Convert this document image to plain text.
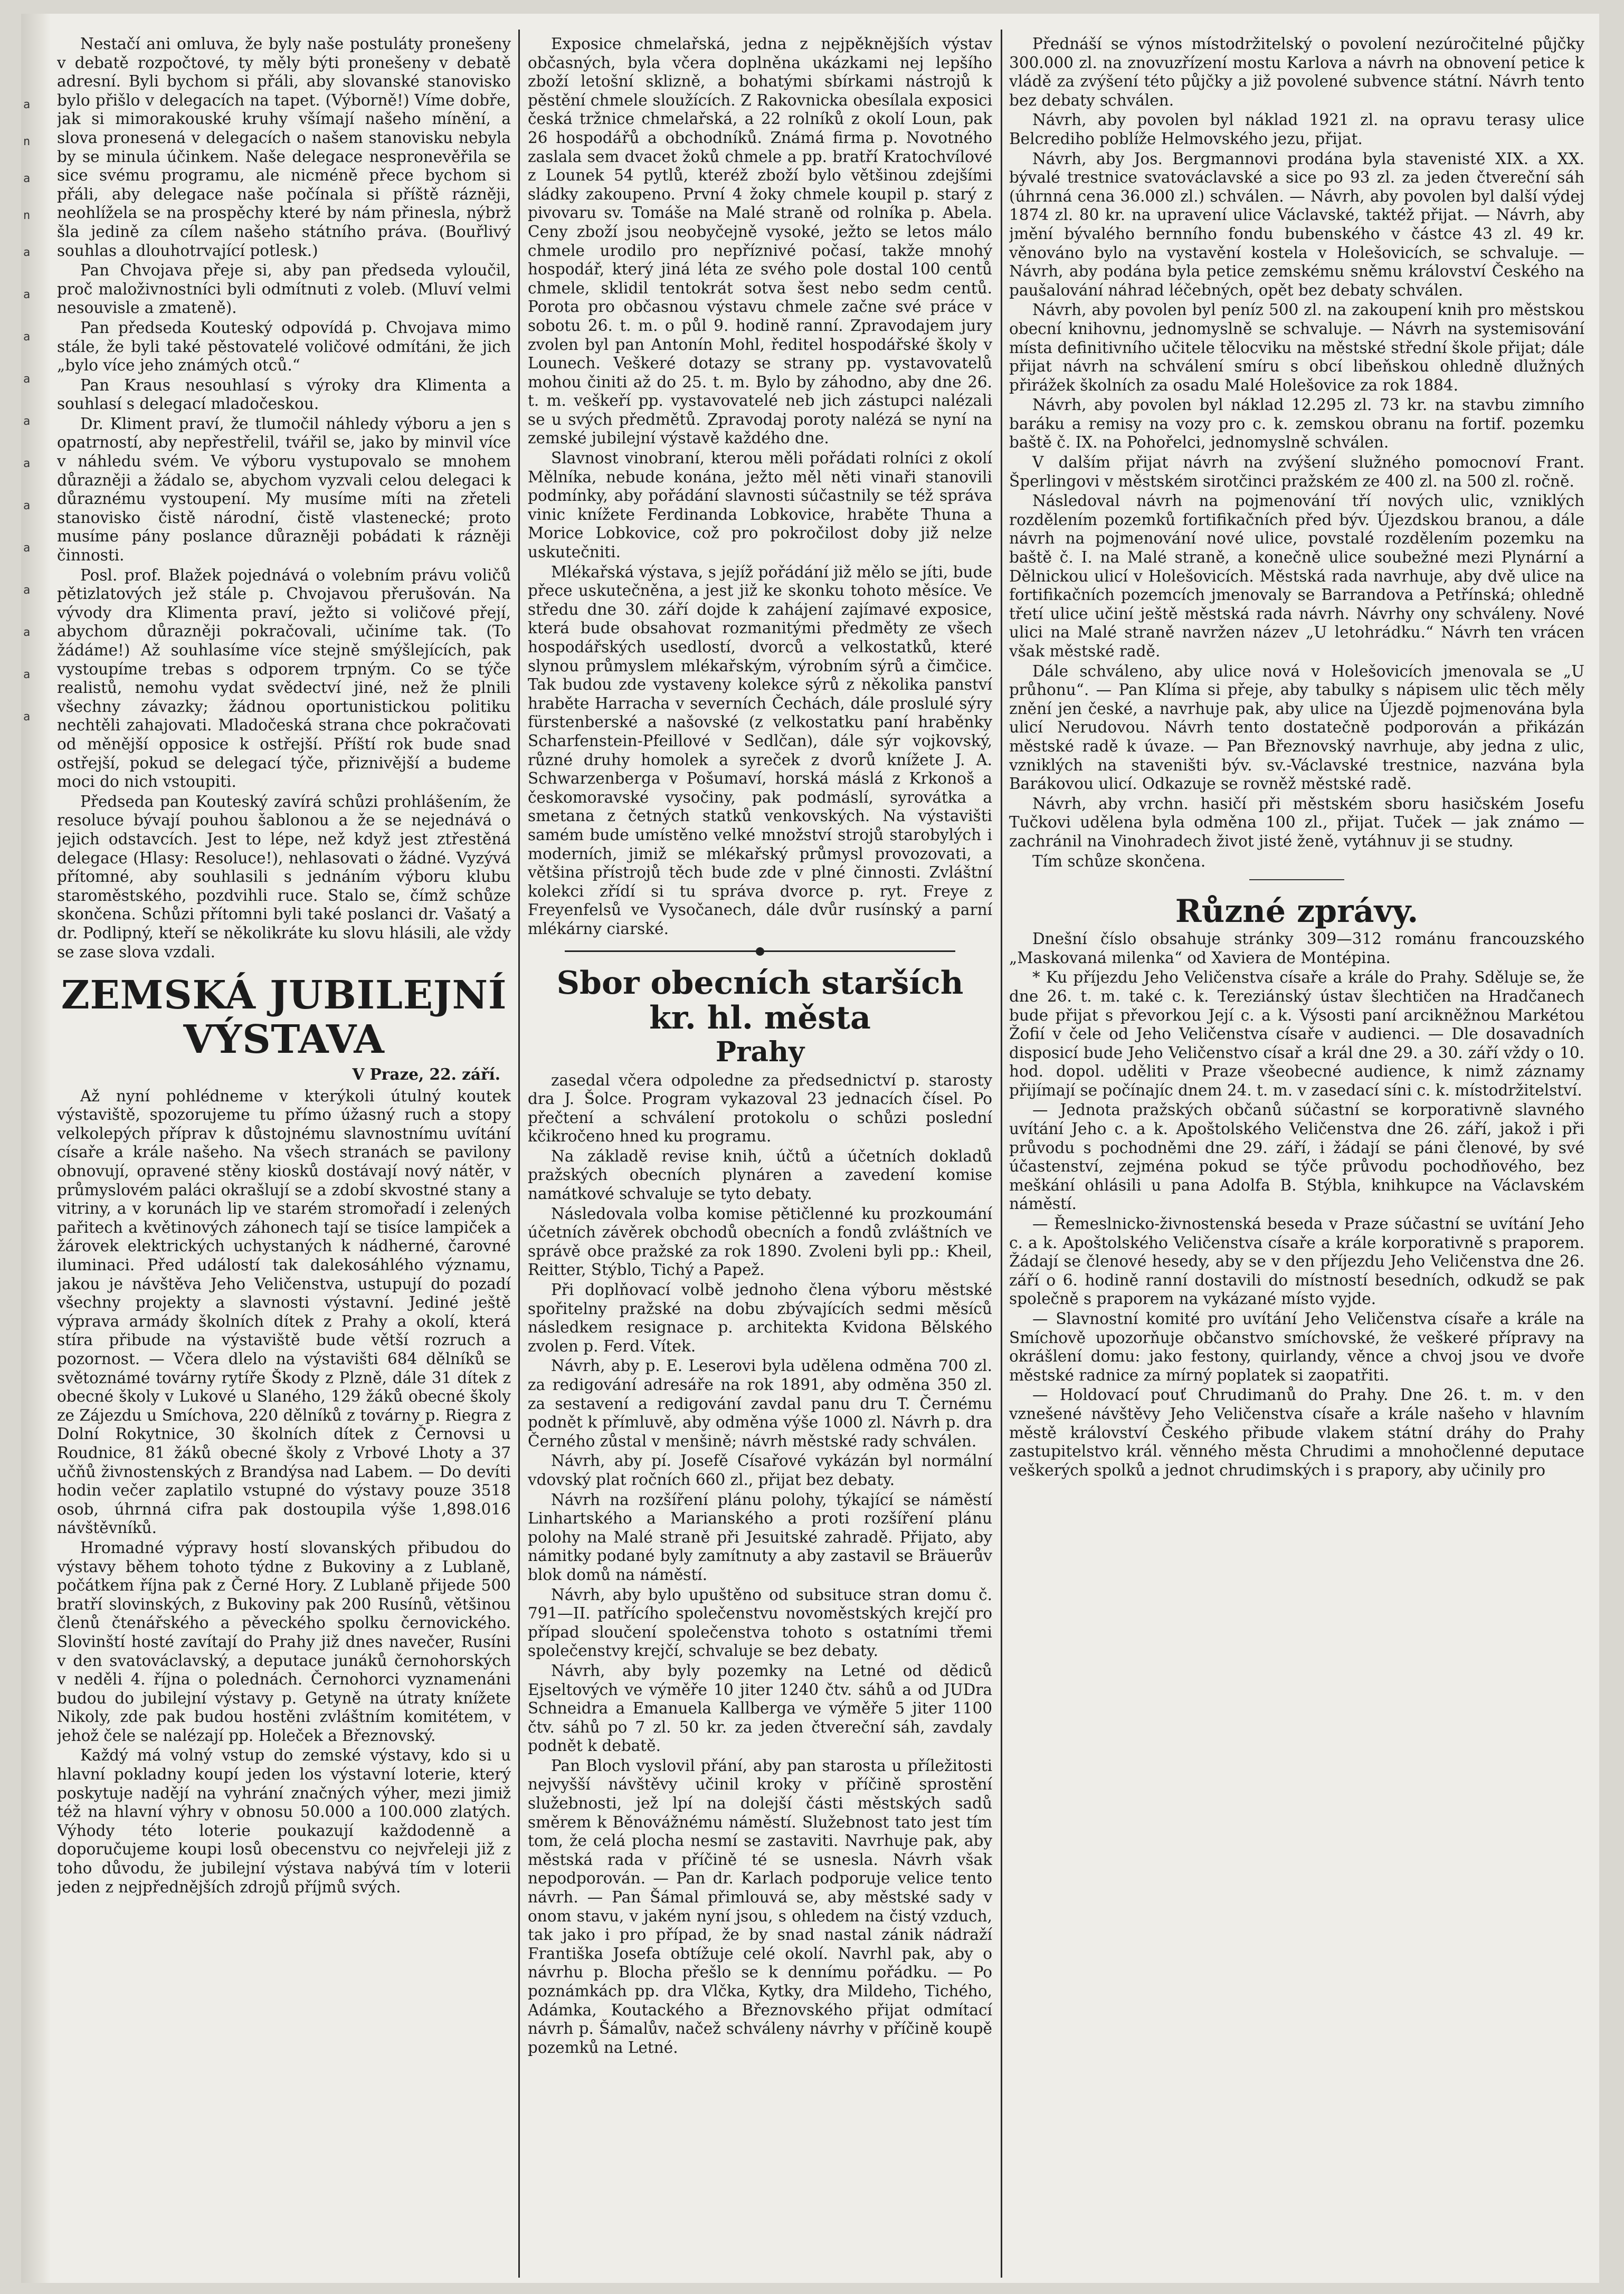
a
n
a
n
a
a
a
a
a
a
a
a
a
a
a
a

Nestačí ani omluva, že byly naše postuláty pronešeny v debatě rozpočtové, ty měly býti pronešeny v debatě adresní. Byli bychom si přáli, aby slovanské stanovisko bylo přišlo v delegacích na tapet. (Výborně!) Víme dobře, jak si mimorakouské kruhy všímají našeho mínění, a slova pronesená v delegacích o našem stanovisku nebyla by se minula účinkem. Naše delegace nespronevěřila se sice svému programu, ale nicméně přece bychom si přáli, aby delegace naše počínala si příště rázněji, neohlížela se na prospěchy které by nám přinesla, nýbrž šla jedině za cílem našeho státního práva. (Bouřlivý souhlas a dlouhotrvající potlesk.)

Pan Chvojava přeje si, aby pan předseda vyloučil, proč maloživnostníci byli odmítnuti z voleb. (Mluví velmi nesouvisle a zmateně).

Pan předseda Kouteský odpovídá p. Chvojava mimo stále, že byli také pěstovatelé voličové odmítáni, že jich „bylo více jeho známých otců.“

Pan Kraus nesouhlasí s výroky dra Klimenta a souhlasí s delegací mladočeskou.

Dr. Kliment praví, že tlumočil náhledy výboru a jen s opatrností, aby nepřestřelil, tvářil se, jako by minvil více v náhledu svém. Ve výboru vystupovalo se mnohem důrazněji a žádalo se, abychom vyzvali celou delegaci k důraznému vystoupení. My musíme míti na zřeteli stanovisko čistě národní, čistě vlastenecké; proto musíme pány poslance důrazněji pobádati k rázněji činnosti.

Posl. prof. Blažek pojednává o volebním právu voličů pětizlatových jež stále p. Chvojavou přerušován. Na vývody dra Klimenta praví, ježto si voličové přejí, abychom důrazněji pokračovali, učiníme tak. (To žádáme!) Až souhlasíme více stejně smýšlejících, pak vystoupíme trebas s odporem trpným. Co se týče realistů, nemohu vydat svědectví jiné, než že plnili všechny závazky; žádnou oportunistickou politiku nechtěli zahajovati. Mladočeská strana chce pokračovati od měnější opposice k ostřejší. Příští rok bude snad ostřejší, pokud se delegací týče, přiznivější a budeme moci do nich vstoupiti.

Předseda pan Kouteský zavírá schůzi prohlášením, že resoluce bývají pouhou šablonou a že se nejednává o jejich odstavcích. Jest to lépe, než když jest ztřestěná delegace (Hlasy: Resoluce!), nehlasovati o žádné. Vyzývá přítomné, aby souhlasili s jednáním výboru klubu staroměstského, pozdvihli ruce. Stalo se, čímž schůze skončena. Schůzi přítomni byli také poslanci dr. Vašatý a dr. Podlipný, kteří se několikráte ku slovu hlásili, ale vždy se zase slova vzdali.

ZEMSKÁ JUBILEJNÍ VÝSTAVA
V Praze, 22. září.

Až nyní pohlédneme v kterýkoli útulný koutek výstaviště, spozorujeme tu přímo úžasný ruch a stopy velkolepých příprav k důstojnému slavnostnímu uvítání císaře a krále našeho. Na všech stranách se pavilony obnovují, opravené stěny kiosků dostávají nový nátěr, v průmyslovém paláci okrašlují se a zdobí skvostné stany a vitriny, a v korunách lip ve starém stromořadí i zelených pařitech a květinových záhonech tají se tisíce lampiček a žárovek elektrických uchystaných k nádherné, čarovné iluminaci. Před událostí tak dalekosáhlého významu, jakou je návštěva Jeho Veličenstva, ustupují do pozadí všechny projekty a slavnosti výstavní. Jediné ještě výprava armády školních dítek z Prahy a okolí, která stíra přibude na výstaviště bude větší rozruch a pozornost. — Včera dlelo na výstavišti 684 dělníků se světoznámé továrny rytíře Škody z Plzně, dále 31 dítek z obecné školy v Lukové u Slaného, 129 žáků obecné školy ze Zájezdu u Smíchova, 220 dělníků z továrny p. Riegra z Dolní Rokytnice, 30 školních dítek z Černovsi u Roudnice, 81 žáků obecné školy z Vrbové Lhoty a 37 učňů živnostenských z Brandýsa nad Labem. — Do devíti hodin večer zaplatilo vstupné do výstavy pouze 3518 osob, úhrnná cifra pak dostoupila výše 1,898.016 návštěvníků.

Hromadné výpravy hostí slovanských přibudou do výstavy během tohoto týdne z Bukoviny a z Lublaně, počátkem října pak z Černé Hory. Z Lublaně přijede 500 bratří slovinských, z Bukoviny pak 200 Rusínů, většinou členů čtenářského a pěveckého spolku černovického. Slovinští hosté zavítají do Prahy již dnes navečer, Rusíni v den svatováclavský, a deputace junáků černohorských v neděli 4. října o polednách. Černohorci vyznamenáni budou do jubilejní výstavy p. Getyně na útraty knížete Nikoly, zde pak budou hostěni zvláštním komitétem, v jehož čele se nalézají pp. Holeček a Březnovský.

Každý má volný vstup do zemské výstavy, kdo si u hlavní pokladny koupí jeden los výstavní loterie, který poskytuje nadějí na vyhrání značných výher, mezi jimiž též na hlavní výhry v obnosu 50.000 a 100.000 zlatých. Výhody této loterie poukazují každodenně a doporučujeme koupi losů obecenstvu co nejvřeleji již z toho důvodu, že jubilejní výstava nabývá tím v loterii jeden z nejpřednějších zdrojů příjmů svých.

Exposice chmelařská, jedna z nejpěknějších výstav občasných, byla včera doplněna ukázkami nej lepšího zboží letošní sklizně, a bohatými sbírkami nástrojů k pěstění chmele sloužících. Z Rakovnicka obesílala exposici česká tržnice chmelařská, a 22 rolníků z okolí Loun, pak 26 hospodářů a obchodníků. Známá firma p. Novotného zaslala sem dvacet žoků chmele a pp. bratří Kratochvílové z Lounek 54 pytlů, kteréž zboží bylo většinou zdejšími sládky zakoupeno. První 4 žoky chmele koupil p. starý z pivovaru sv. Tomáše na Malé straně od rolníka p. Abela. Ceny zboží jsou neobyčejně vysoké, ježto se letos málo chmele urodilo pro nepříznivé počasí, takže mnohý hospodář, který jiná léta ze svého pole dostal 100 centů chmele, sklidil tentokrát sotva šest nebo sedm centů. Porota pro občasnou výstavu chmele začne své práce v sobotu 26. t. m. o půl 9. hodině ranní. Zpravodajem jury zvolen byl pan Antonín Mohl, ředitel hospodářské školy v Lounech. Veškeré dotazy se strany pp. vystavovatelů mohou činiti až do 25. t. m. Bylo by záhodno, aby dne 26. t. m. veškeří pp. vystavovatelé neb jich zástupci nalézali se u svých předmětů. Zpravodaj poroty nalézá se nyní na zemské jubilejní výstavě každého dne.

Slavnost vinobraní, kterou měli pořádati rolníci z okolí Mělníka, nebude konána, ježto měl něti vinaři stanovili podmínky, aby pořádání slavnosti súčastnily se též správa vinic knížete Ferdinanda Lobkovice, hraběte Thuna a Morice Lobkovice, což pro pokročilost doby již nelze uskutečniti.

Mlékařská výstava, s jejíž pořádání již mělo se jíti, bude přece uskutečněna, a jest již ke skonku tohoto měsíce. Ve středu dne 30. září dojde k zahájení zajímavé exposice, která bude obsahovat rozmanitými předměty ze všech hospodářských usedlostí, dvorců a velkostatků, které slynou průmyslem mlékařským, výrobním sýrů a čimčice. Tak budou zde vystaveny kolekce sýrů z několika panství hraběte Harracha v severních Čechách, dále proslulé sýry fürstenberské a našovské (z velkostatku paní hraběnky Scharfenstein-Pfeillové v Sedlčan), dále sýr vojkovský, různé druhy homolek a syreček z dvorů knížete J. A. Schwarzenberga v Pošumaví, horská máslá z Krkonoš a českomoravské vysočiny, pak podmáslí, syrovátka a smetana z četných statků venkovských. Na výstavišti samém bude umístěno velké množství strojů starobylých i moderních, jimiž se mlékařský průmysl provozovati, a většina přístrojů těch bude zde v plné činnosti. Zvláštní kolekci zřídí si tu správa dvorce p. ryt. Freye z Freyenfelsů ve Vysočanech, dále dvůr rusínský a parní mlékárny ciarské.

Sbor obecních starších kr. hl. města
Prahy

zasedal včera odpoledne za předsednictví p. starosty dra J. Šolce. Program vykazoval 23 jednacích čísel. Po přečtení a schválení protokolu o schůzi poslední kčikročeno hned ku programu.

Na základě revise knih, účtů a účetních dokladů pražských obecních plynáren a zavedení komise namátkové schvaluje se tyto debaty.

Následovala volba komise pětičlenné ku prozkoumání účetních závěrek obchodů obecních a fondů zvláštních ve správě obce pražské za rok 1890. Zvoleni byli pp.: Kheil, Reitter, Stýblo, Tichý a Papež.

Při doplňovací volbě jednoho člena výboru městské spořitelny pražské na dobu zbývajících sedmi měsíců následkem resignace p. architekta Kvidona Bělského zvolen p. Ferd. Vítek.

Návrh, aby p. E. Leserovi byla udělena odměna 700 zl. za redigování adresáře na rok 1891, aby odměna 350 zl. za sestavení a redigování zavdal panu dru T. Černému podnět k přímluvě, aby odměna výše 1000 zl. Návrh p. dra Černého zůstal v menšině; návrh městské rady schválen.

Návrh, aby pí. Josefě Císařové vykázán byl normální vdovský plat ročních 660 zl., přijat bez debaty.

Návrh na rozšíření plánu polohy, týkající se náměstí Linhartského a Marianského a proti rozšíření plánu polohy na Malé straně při Jesuitské zahradě. Přijato, aby námitky podané byly zamítnuty a aby zastavil se Bräuerův blok domů na náměstí.

Návrh, aby bylo upuštěno od subsituce stran domu č. 791—II. patřícího společenstvu novoměstských krejčí pro případ sloučení společenstva tohoto s ostatními třemi společenstvy krejčí, schvaluje se bez debaty.

Návrh, aby byly pozemky na Letné od dědiců Ejseltových ve výměře 10 jiter 1240 čtv. sáhů a od JUDra Schneidra a Emanuela Kallberga ve výměře 5 jiter 1100 čtv. sáhů po 7 zl. 50 kr. za jeden čtvereční sáh, zavdaly podnět k debatě.

Pan Bloch vyslovil přání, aby pan starosta u příležitosti nejvyšší návštěvy učinil kroky v příčině sprostění služebnosti, jež lpí na dolejší části městských sadů směrem k Běnovážnému náměstí. Služebnost tato jest tím tom, že celá plocha nesmí se zastaviti. Navrhuje pak, aby městská rada v příčině té se usnesla. Návrh však nepodporován. — Pan dr. Karlach podporuje velice tento návrh. — Pan Šámal přimlouvá se, aby městské sady v onom stavu, v jakém nyní jsou, s ohledem na čistý vzduch, tak jako i pro případ, že by snad nastal zánik nádraží Františka Josefa obtížuje celé okolí. Navrhl pak, aby o návrhu p. Blocha přešlo se k dennímu pořádku. — Po poznámkách pp. dra Vlčka, Kytky, dra Mildeho, Tichého, Adámka, Koutackého a Březnovského přijat odmítací návrh p. Šámalův, načež schváleny návrhy v příčině koupě pozemků na Letné.

Přednáší se výnos místodržitelský o povolení nezúročitelné půjčky 300.000 zl. na znovuzřízení mostu Karlova a návrh na obnovení petice k vládě za zvýšení této půjčky a již povolené subvence státní. Návrh tento bez debaty schválen.

Návrh, aby povolen byl náklad 1921 zl. na opravu terasy ulice Belcrediho poblíže Helmovského jezu, přijat.

Návrh, aby Jos. Bergmannovi prodána byla stavenisté XIX. a XX. bývalé trestnice svatováclavské a sice po 93 zl. za jeden čtvereční sáh (úhrnná cena 36.000 zl.) schválen. — Návrh, aby povolen byl další výdej 1874 zl. 80 kr. na upravení ulice Václavské, taktéž přijat. — Návrh, aby jmění bývalého bernního fondu bubenského v částce 43 zl. 49 kr. věnováno bylo na vystavění kostela v Holešovicích, se schvaluje. — Návrh, aby podána byla petice zemskému sněmu království Českého na paušalování náhrad léčebných, opět bez debaty schválen.

Návrh, aby povolen byl peníz 500 zl. na zakoupení knih pro městskou obecní knihovnu, jednomyslně se schvaluje. — Návrh na systemisování místa definitivního učitele tělocviku na městské střední škole přijat; dále přijat návrh na schválení smíru s obcí libeňskou ohledně dlužných přirážek školních za osadu Malé Holešovice za rok 1884.

Návrh, aby povolen byl náklad 12.295 zl. 73 kr. na stavbu zimního baráku a remisy na vozy pro c. k. zemskou obranu na fortif. pozemku baště č. IX. na Pohořelci, jednomyslně schválen.

V dalším přijat návrh na zvýšení služného pomocnoví Frant. Šperlingovi v městském sirotčinci pražském ze 400 zl. na 500 zl. ročně.

Následoval návrh na pojmenování tří nových ulic, vzniklých rozdělením pozemků fortifikačních před býv. Újezdskou branou, a dále návrh na pojmenování nové ulice, povstalé rozdělením pozemku na baště č. I. na Malé straně, a konečně ulice soubežné mezi Plynární a Dělnickou ulicí v Holešovicích. Městská rada navrhuje, aby dvě ulice na fortifikačních pozemcích jmenovaly se Barrandova a Petřínská; ohledně třetí ulice učiní ještě městská rada návrh. Návrhy ony schváleny. Nové ulici na Malé straně navržen název „U letohrádku.“ Návrh ten vrácen však městské radě.

Dále schváleno, aby ulice nová v Holešovicích jmenovala se „U průhonu“. — Pan Klíma si přeje, aby tabulky s nápisem ulic těch měly znění jen české, a navrhuje pak, aby ulice na Újezdě pojmenována byla ulicí Nerudovou. Návrh tento dostatečně podporován a přikázán městské radě k úvaze. — Pan Březnovský navrhuje, aby jedna z ulic, vzniklých na staveništi býv. sv.-Václavské trestnice, nazvána byla Barákovou ulicí. Odkazuje se rovněž městské radě.

Návrh, aby vrchn. hasičí při městském sboru hasičském Josefu Tučkovi udělena byla odměna 100 zl., přijat. Tuček — jak známo — zachránil na Vinohradech život jisté ženě, vytáhnuv ji se studny.

Tím schůze skončena.

Různé zprávy.

Dnešní číslo obsahuje stránky 309—312 románu francouzského „Maskovaná milenka“ od Xaviera de Montépina.

* Ku příjezdu Jeho Veličenstva císaře a krále do Prahy. Sděluje se, že dne 26. t. m. také c. k. Tereziánský ústav šlechtičen na Hradčanech bude přijat s převorkou Její c. a k. Výsosti paní arcikněžnou Markétou Žofií v čele od Jeho Veličenstva císaře v audienci. — Dle dosavadních disposicí bude Jeho Veličenstvo císař a král dne 29. a 30. září vždy o 10. hod. dopol. uděliti v Praze všeobecné audience, k nimž záznamy přijímají se počínajíc dnem 24. t. m. v zasedací síni c. k. místodržitelství.

— Jednota pražských občanů súčastní se korporativně slavného uvítání Jeho c. a k. Apoštolského Veličenstva dne 26. září, jakož i při průvodu s pochodněmi dne 29. září, i žádají se páni členové, by své účastenství, zejména pokud se týče průvodu pochodňového, bez meškání ohlásili u pana Adolfa B. Stýbla, knihkupce na Václavském náměstí.

— Řemeslnicko-živnostenská beseda v Praze súčastní se uvítání Jeho c. a k. Apoštolského Veličenstva císaře a krále korporativně s praporem. Žádají se členové hesedy, aby se v den příjezdu Jeho Veličenstva dne 26. září o 6. hodině ranní dostavili do místností besedních, odkudž se pak společně s praporem na vykázané místo vyjde.

— Slavnostní komité pro uvítání Jeho Veličenstva císaře a krále na Smíchově upozorňuje občanstvo smíchovské, že veškeré přípravy na okrášlení domu: jako festony, quirlandy, věnce a chvoj jsou ve dvoře městské radnice za mírný poplatek si zaopatřiti.

— Holdovací pouť Chrudimanů do Prahy. Dne 26. t. m. v den vznešené návštěvy Jeho Veličenstva císaře a krále našeho v hlavním městě království Českého přibude vlakem státní dráhy do Prahy zastupitelstvo král. věnného města Chrudimi a mnohočlenné deputace veškerých spolků a jednot chrudimských i s prapory, aby učinily pro
